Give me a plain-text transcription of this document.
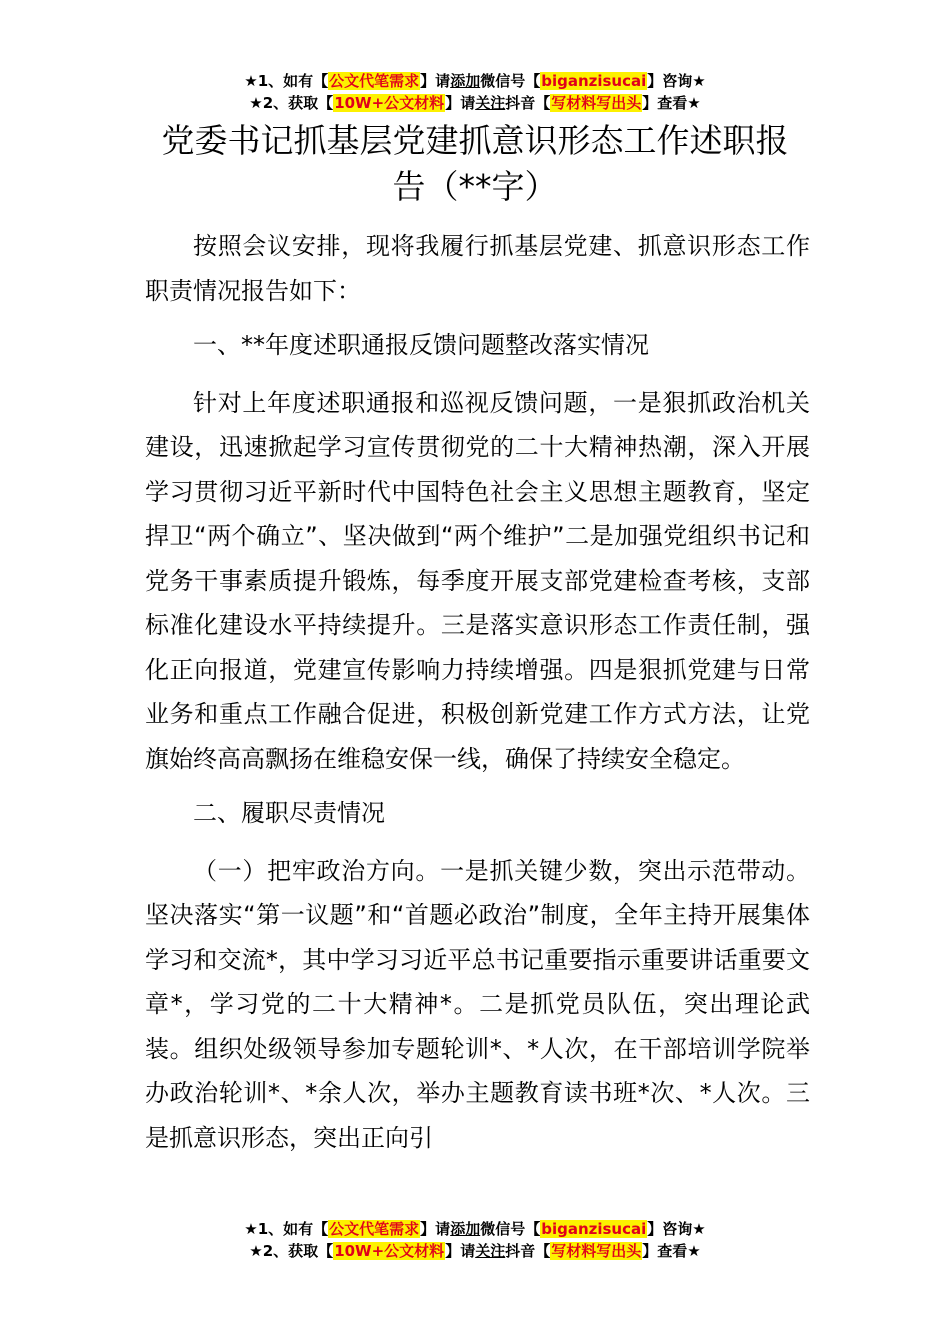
★1、如有【公文代笔需求】请添加微信号【biganzisucai】咨询★
★2、获取【10W+公文材料】请关注抖音【写材料写出头】查看★
党委书记抓基层党建抓意识形态工作述职报告（**字）

按照会议安排，现将我履行抓基层党建、抓意识形态工作职责情况报告如下：

一、**年度述职通报反馈问题整改落实情况

针对上年度述职通报和巡视反馈问题，一是狠抓政治机关建设，迅速掀起学习宣传贯彻党的二十大精神热潮，深入开展学习贯彻习近平新时代中国特色社会主义思想主题教育，坚定捍卫“两个确立”、坚决做到“两个维护”二是加强党组织书记和党务干事素质提升锻炼，每季度开展支部党建检查考核，支部标准化建设水平持续提升。三是落实意识形态工作责任制，强化正向报道，党建宣传影响力持续增强。四是狠抓党建与日常业务和重点工作融合促进，积极创新党建工作方式方法，让党旗始终高高飘扬在维稳安保一线，确保了持续安全稳定。

二、履职尽责情况

（一）把牢政治方向。一是抓关键少数，突出示范带动。坚决落实“第一议题”和“首题必政治”制度，全年主持开展集体学习和交流*，其中学习习近平总书记重要指示重要讲话重要文章*，学习党的二十大精神*。二是抓党员队伍，突出理论武装。组织处级领导参加专题轮训*、*人次，在干部培训学院举办政治轮训*、*余人次，举办主题教育读书班*次、*人次。三是抓意识形态，突出正向引

★1、如有【公文代笔需求】请添加微信号【biganzisucai】咨询★
★2、获取【10W+公文材料】请关注抖音【写材料写出头】查看★
